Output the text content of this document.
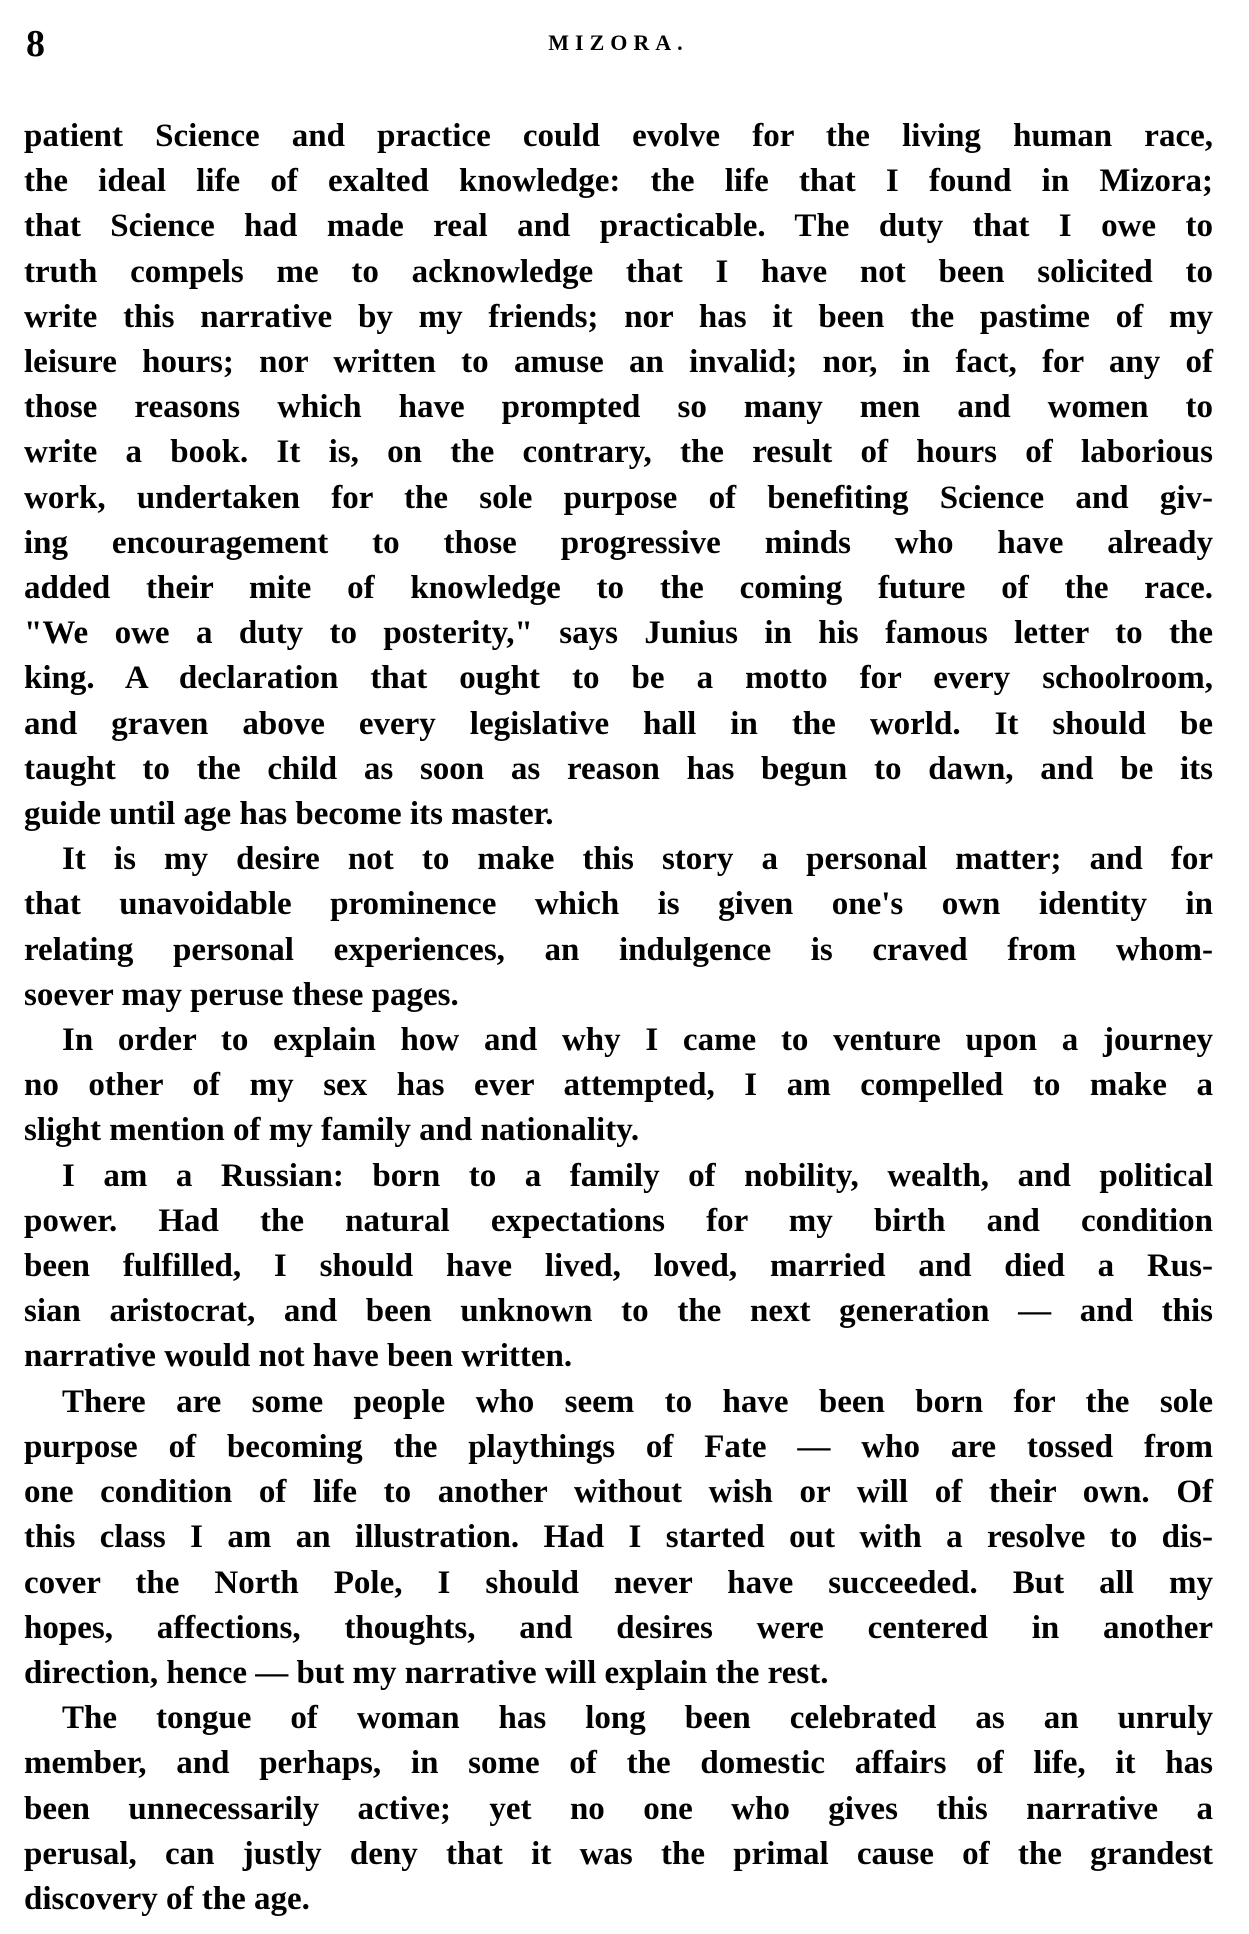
8	MIZORA.
patient Science and practice could evolve for the living human race,
the ideal life of exalted knowledge: the life that I found in Mizora;
that Science had made real and practicable. The duty that I owe to
truth compels me to acknowledge that I have not been solicited to
write this narrative by my friends; nor has it been the pastime of my
leisure hours; nor written to amuse an invalid; nor, in fact, for any of
those reasons which have prompted so many men and women to
write a book. It is, on the contrary, the result of hours of laborious
work, undertaken for the sole purpose of benefiting Science and giv-
ing encouragement to those progressive minds who have already
added their mite of knowledge to the coming future of the race.
"We owe a duty to posterity," says Junius in his famous letter to the
king. A declaration that ought to be a motto for every schoolroom,
and graven above every legislative hall in the world. It should be
taught to the child as soon as reason has begun to dawn, and be its
guide until age has become its master.
It is my desire not to make this story a personal matter; and for
that unavoidable prominence which is given one's own identity in
relating personal experiences, an indulgence is craved from whom-
soever may peruse these pages.
In order to explain how and why I came to venture upon a journey
no other of my sex has ever attempted, I am compelled to make a
slight mention of my family and nationality.
I am a Russian: born to a family of nobility, wealth, and political
power. Had the natural expectations for my birth and condition
been fulfilled, I should have lived, loved, married and died a Rus-
sian aristocrat, and been unknown to the next generation — and this
narrative would not have been written.
There are some people who seem to have been born for the sole
purpose of becoming the playthings of Fate — who are tossed from
one condition of life to another without wish or will of their own. Of
this class I am an illustration. Had I started out with a resolve to dis-
cover the North Pole, I should never have succeeded. But all my
hopes, affections, thoughts, and desires were centered in another
direction, hence — but my narrative will explain the rest.
The tongue of woman has long been celebrated as an unruly
member, and perhaps, in some of the domestic affairs of life, it has
been unnecessarily active; yet no one who gives this narrative a
perusal, can justly deny that it was the primal cause of the grandest
discovery of the age.
